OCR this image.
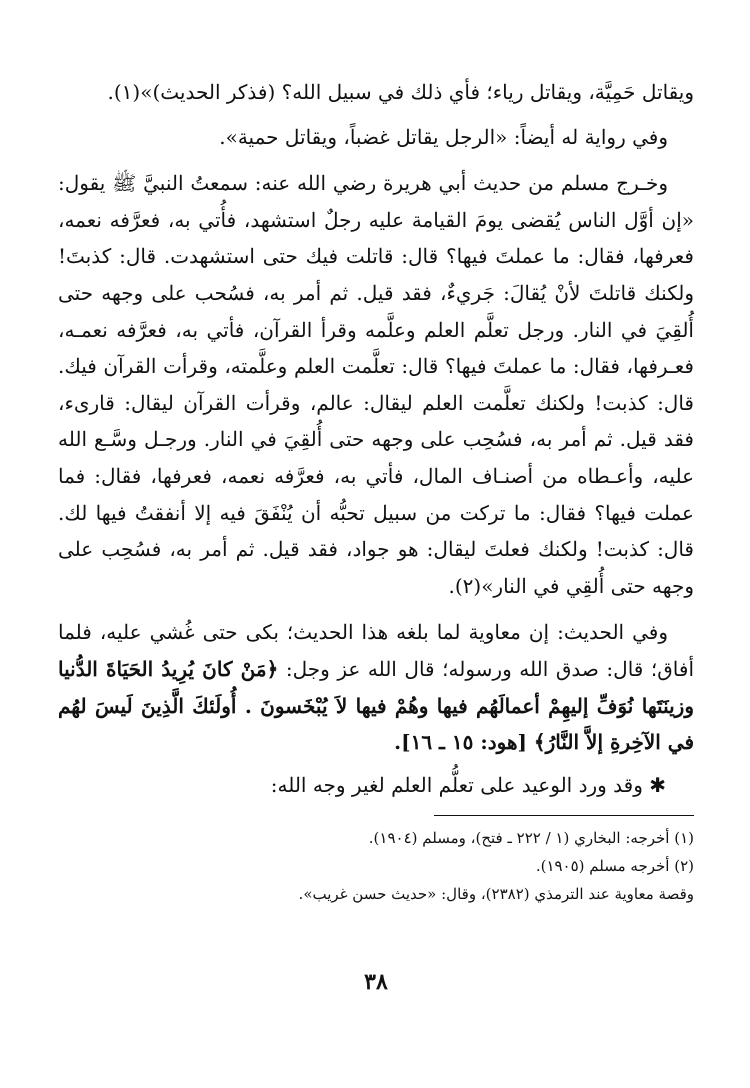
ويقاتل حَمِيَّة، ويقاتل رياء؛ فأي ذلك في سبيل الله؟ (فذكر الحديث)»(١).

وفي رواية له أيضاً: «الرجل يقاتل غضباً، ويقاتل حمية».

وخـرج مسلم من حديث أبي هريرة رضي الله عنه: سمعتُ النبيَّ ﷺ يقول: «إن أوَّل الناس يُقضى يومَ القيامة عليه رجلٌ استشهد، فأُتي به، فعرَّفه نعمه، فعرفها، فقال: ما عملتَ فيها؟ قال: قاتلت فيك حتى استشهدت. قال: كذبتَ! ولكنك قاتلتَ لأنْ يُقالَ: جَريءٌ، فقد قيل. ثم أمر به، فسُحب على وجهه حتى أُلقِيَ في النار. ورجل تعلَّم العلم وعلَّمه وقرأ القرآن، فأتي به، فعرَّفه نعمـه، فعـرفها، فقال: ما عملتَ فيها؟ قال: تعلَّمت العلم وعلَّمته، وقرأت القرآن فيك. قال: كذبت! ولكنك تعلَّمت العلم ليقال: عالم، وقرأت القرآن ليقال: قارىء، فقد قيل. ثم أمر به، فسُحِب على وجهه حتى أُلقِيَ في النار. ورجـل وسَّـع الله عليه، وأعـطاه من أصنـاف المال، فأتي به، فعرَّفه نعمه، فعرفها، فقال: فما عملت فيها؟ فقال: ما تركت من سبيل تحبُّه أن يُنْفَقَ فيه إلا أنفقتُ فيها لك. قال: كذبت! ولكنك فعلتَ ليقال: هو جواد، فقد قيل. ثم أمر به، فسُحِب على وجهه حتى أُلقِي في النار»(٢).

وفي الحديث: إن معاوية لما بلغه هذا الحديث؛ بكى حتى غُشي عليه، فلما أفاق؛ قال: صدق الله ورسوله؛ قال الله عز وجل: ﴿مَنْ كانَ يُرِيدُ الحَيَاةَ الدُّنيا وزينَتَها نُوَفِّ إليهِمْ أعمالَهُم فيها وهُمْ فيها لاَ يُبْخَسونَ . أُولَئكَ الَّذِينَ لَيسَ لهُم في الآخِرةِ إلاَّ النَّارُ﴾ [هود: ١٥ ـ ١٦].

✱ وقد ورد الوعيد على تعلُّم العلم لغير وجه الله:

(١) أخرجه: البخاري (١ / ٢٢٢ ـ فتح)، ومسلم (١٩٠٤).
(٢) أخرجه مسلم (١٩٠٥).
وقصة معاوية عند الترمذي (٢٣٨٢)، وقال: «حديث حسن غريب».
٣٨
